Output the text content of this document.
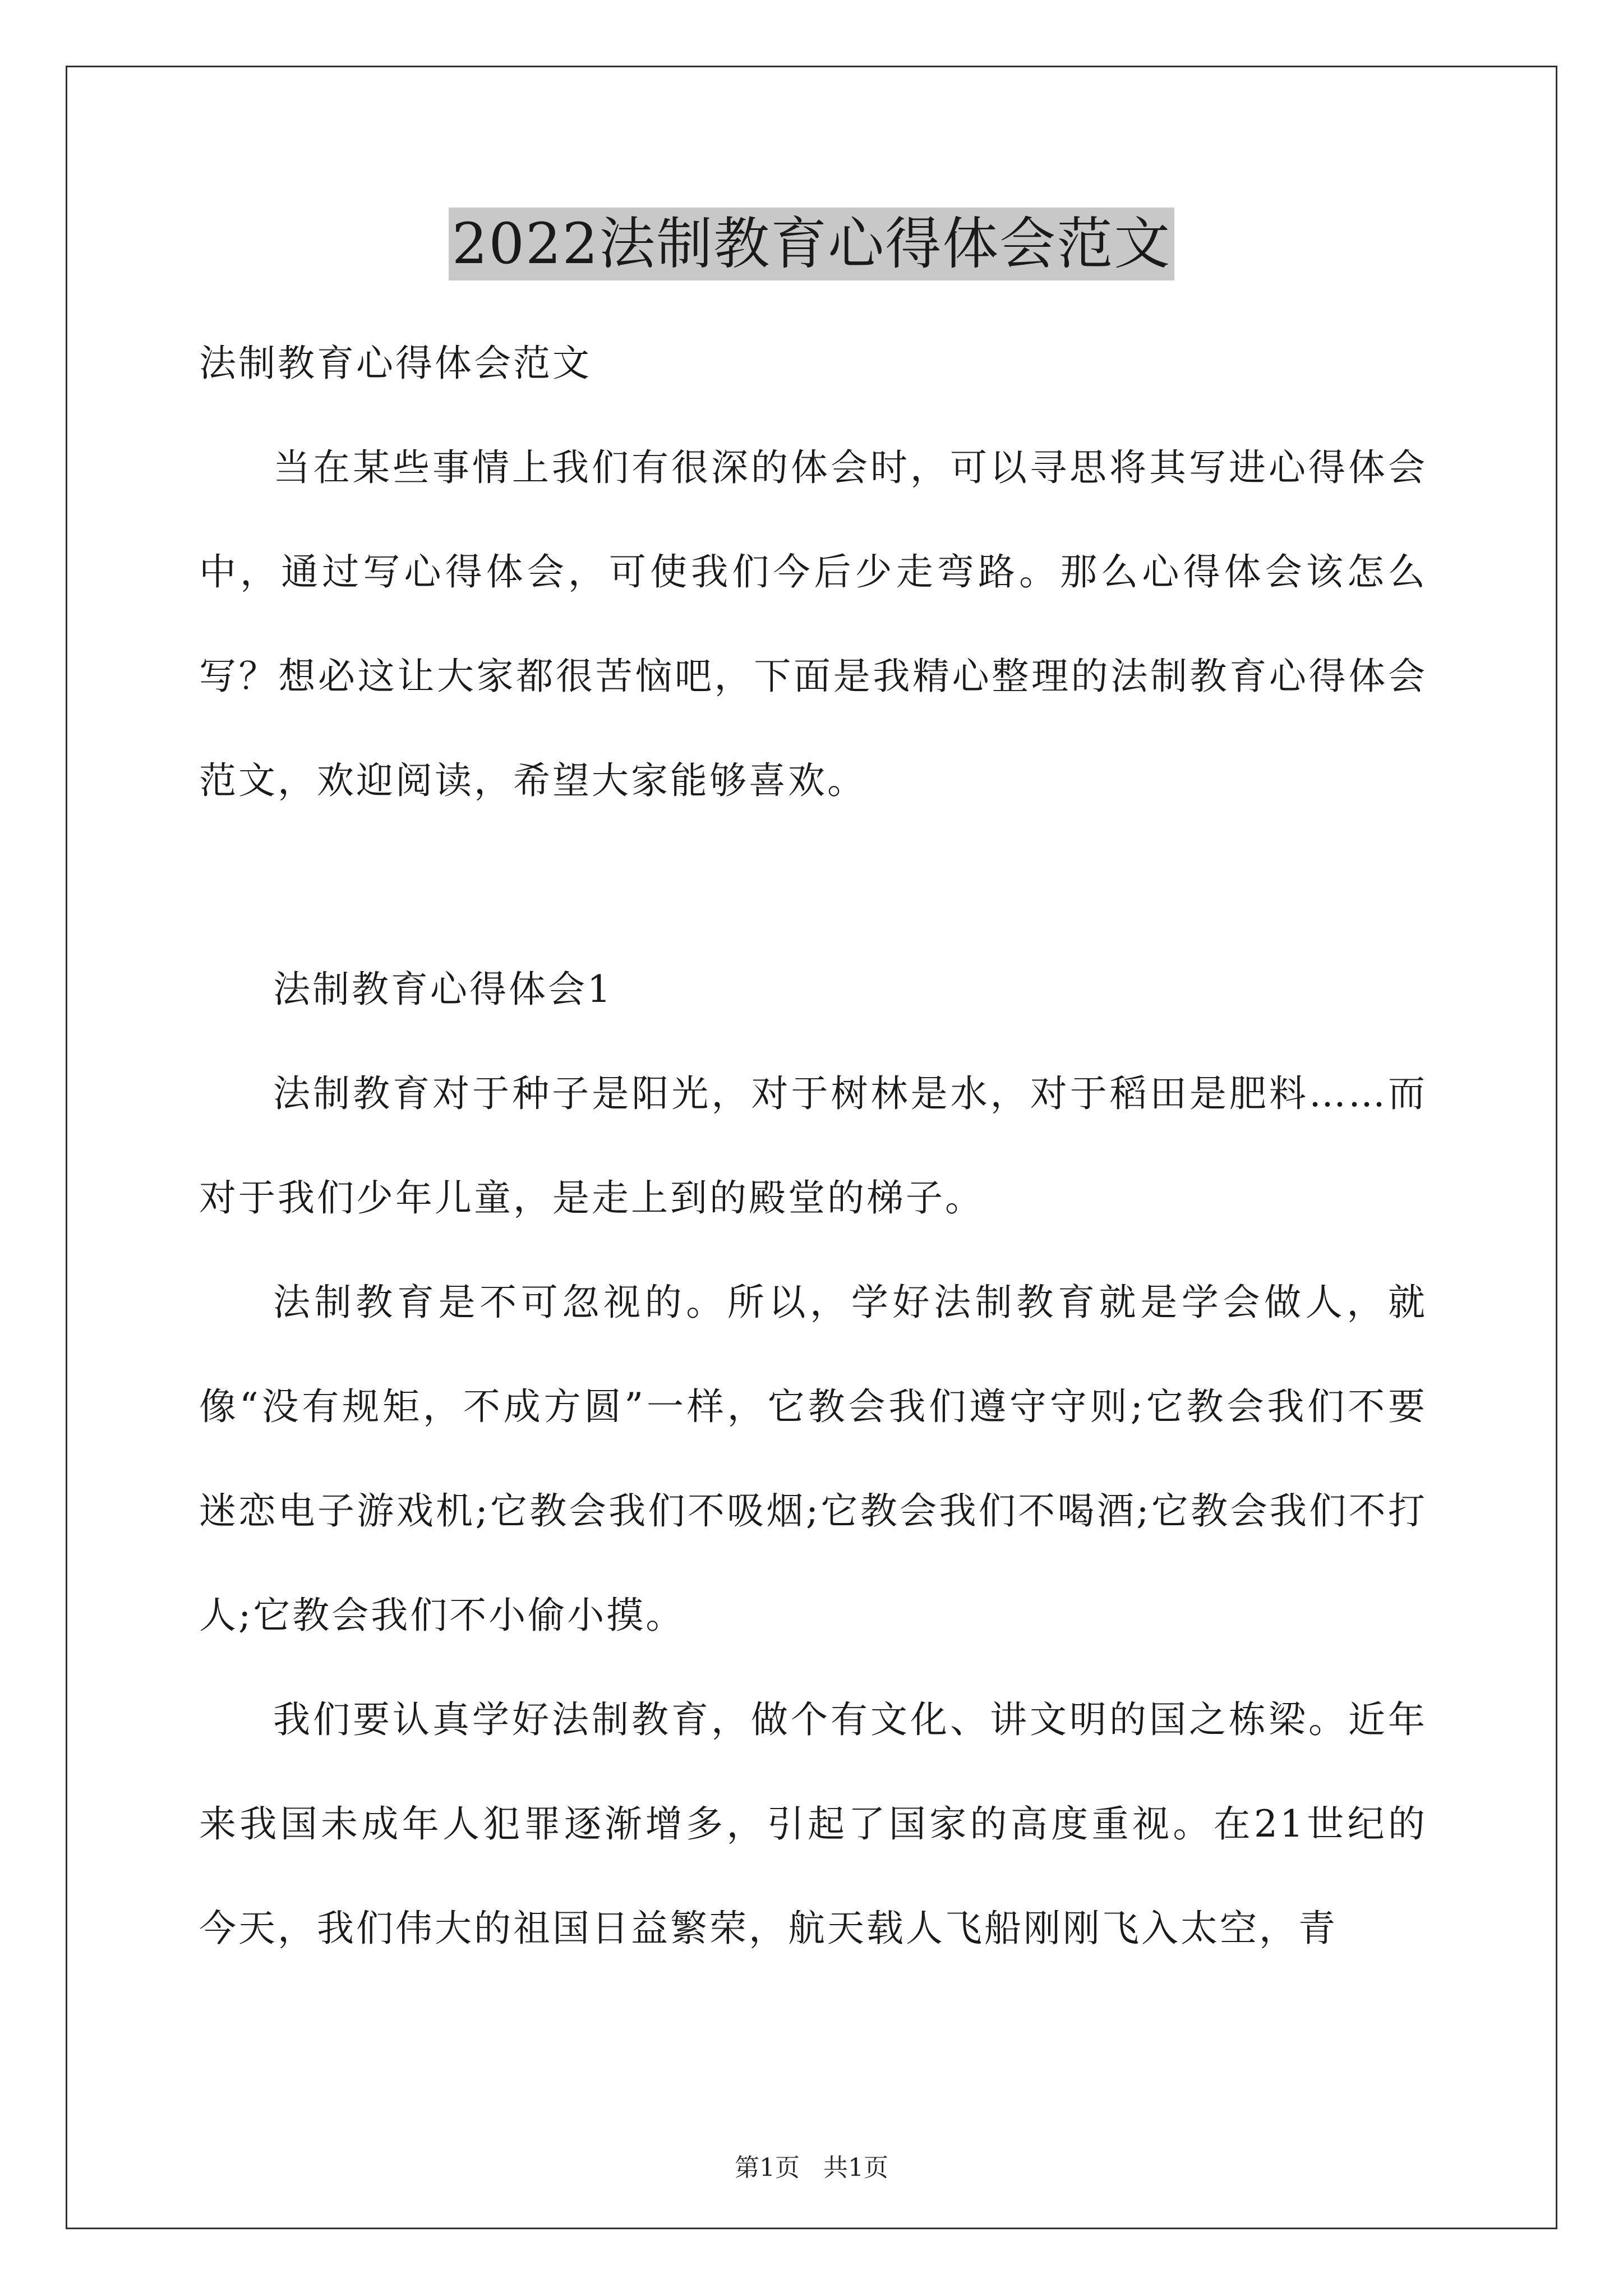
2022法制教育心得体会范文

法制教育心得体会范文

当在某些事情上我们有很深的体会时，可以寻思将其写进心得体会中，通过写心得体会，可使我们今后少走弯路。那么心得体会该怎么写？想必这让大家都很苦恼吧，下面是我精心整理的法制教育心得体会范文，欢迎阅读，希望大家能够喜欢。

法制教育心得体会1

法制教育对于种子是阳光，对于树林是水，对于稻田是肥料……而对于我们少年儿童，是走上到的殿堂的梯子。

法制教育是不可忽视的。所以，学好法制教育就是学会做人，就像“没有规矩，不成方圆”一样，它教会我们遵守守则;它教会我们不要迷恋电子游戏机;它教会我们不吸烟;它教会我们不喝酒;它教会我们不打人;它教会我们不小偷小摸。

我们要认真学好法制教育，做个有文化、讲文明的国之栋梁。近年来我国未成年人犯罪逐渐增多，引起了国家的高度重视。在21世纪的今天，我们伟大的祖国日益繁荣，航天载人飞船刚刚飞入太空，青

第1页 共1页
